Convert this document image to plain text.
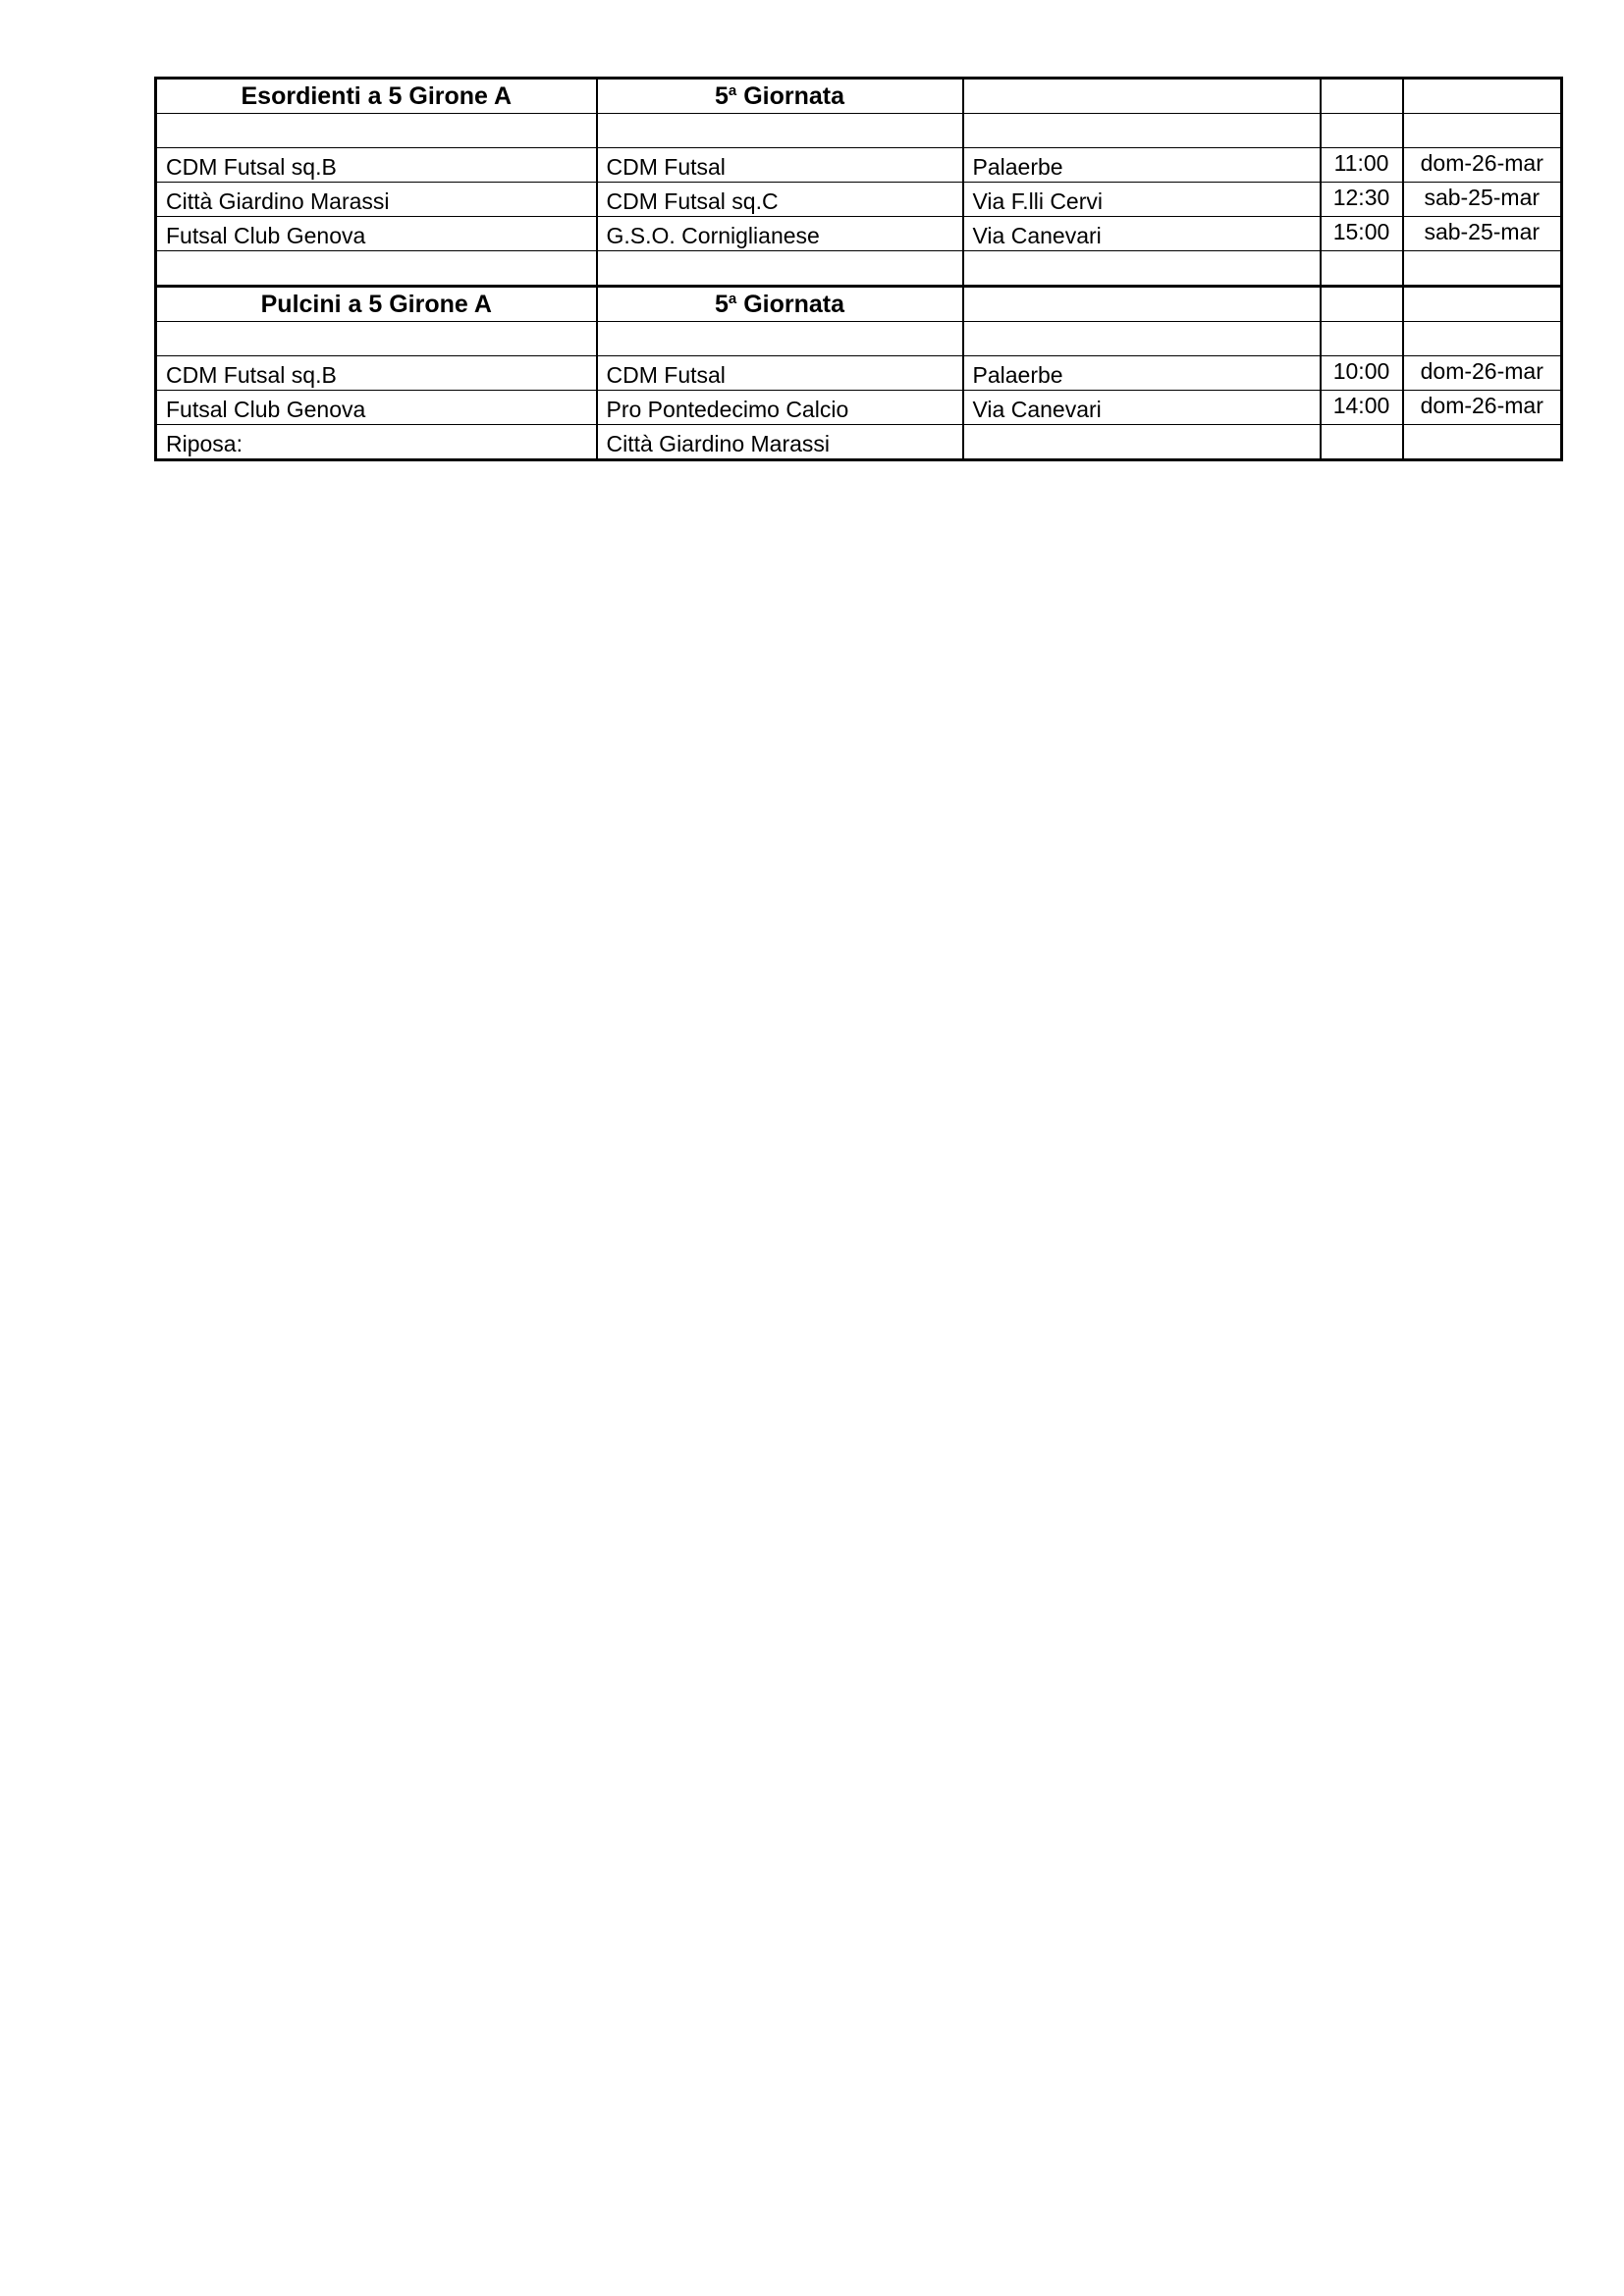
Esordienti a 5 Girone A	5$^a$ Giornata			

CDM Futsal sq.B	CDM Futsal	Palaerbe	11:00	dom-26-mar
Città Giardino Marassi	CDM Futsal sq.C	Via F.lli Cervi	12:30	sab-25-mar
Futsal Club Genova	G.S.O. Corniglianese	Via Canevari	15:00	sab-25-mar

Pulcini a 5 Girone A	5$^a$ Giornata			

CDM Futsal sq.B	CDM Futsal	Palaerbe	10:00	dom-26-mar
Futsal Club Genova	Pro Pontedecimo Calcio	Via Canevari	14:00	dom-26-mar
Riposa:	Città Giardino Marassi			
